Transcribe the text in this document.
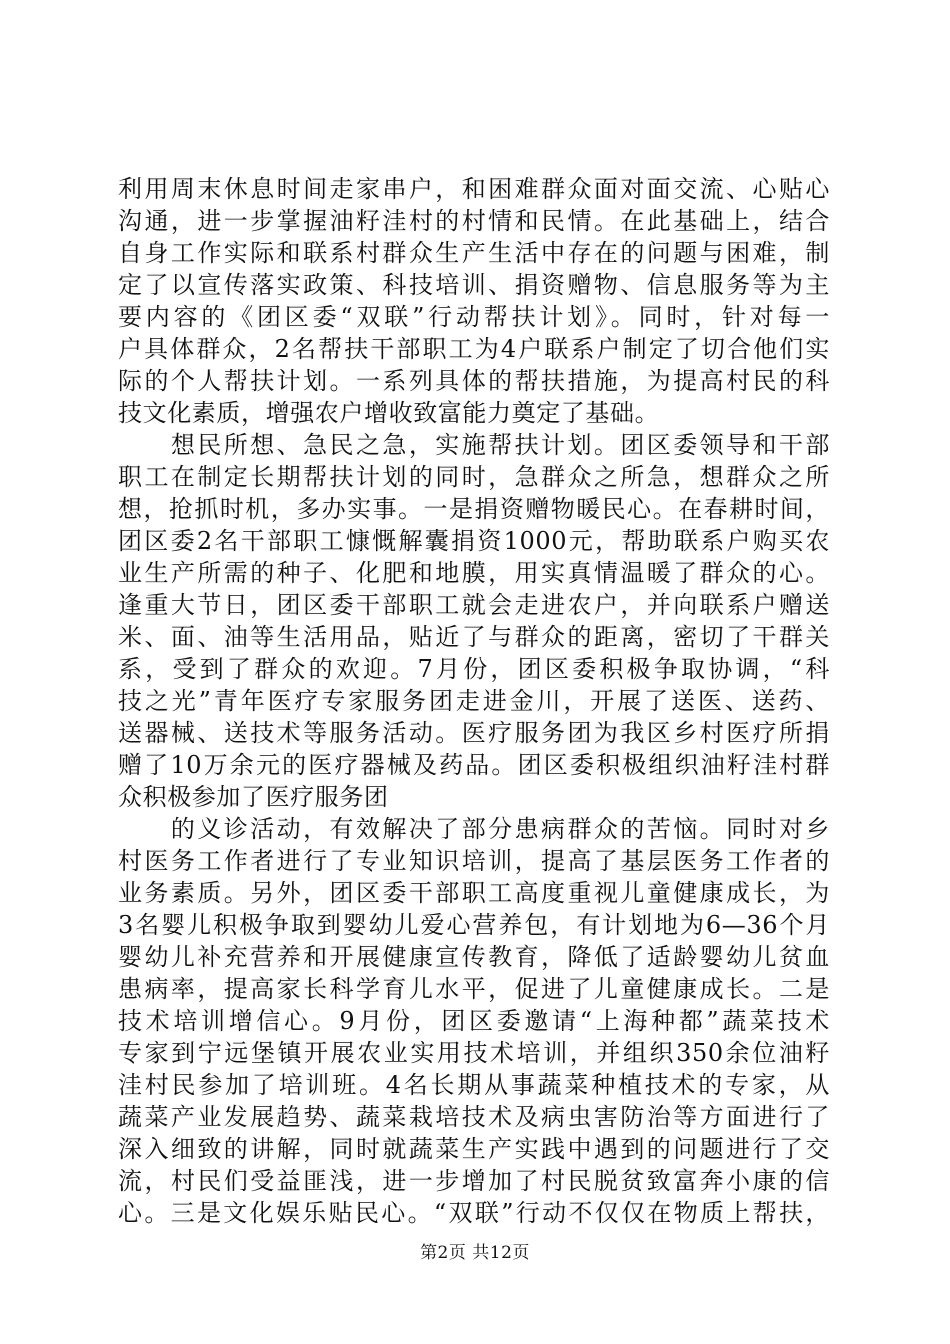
利用周末休息时间走家串户，和困难群众面对面交流、心贴心
沟通，进一步掌握油籽洼村的村情和民情。在此基础上，结合
自身工作实际和联系村群众生产生活中存在的问题与困难，制
定了以宣传落实政策、科技培训、捐资赠物、信息服务等为主
要内容的《团区委“双联”行动帮扶计划》。同时，针对每一
户具体群众，2名帮扶干部职工为4户联系户制定了切合他们实
际的个人帮扶计划。一系列具体的帮扶措施，为提高村民的科
技文化素质，增强农户增收致富能力奠定了基础。
　　想民所想、急民之急，实施帮扶计划。团区委领导和干部
职工在制定长期帮扶计划的同时，急群众之所急，想群众之所
想，抢抓时机，多办实事。一是捐资赠物暖民心。在春耕时间，
团区委2名干部职工慷慨解囊捐资1000元，帮助联系户购买农
业生产所需的种子、化肥和地膜，用实真情温暖了群众的心。
逢重大节日，团区委干部职工就会走进农户，并向联系户赠送
米、面、油等生活用品，贴近了与群众的距离，密切了干群关
系，受到了群众的欢迎。7月份，团区委积极争取协调，“科
技之光”青年医疗专家服务团走进金川，开展了送医、送药、
送器械、送技术等服务活动。医疗服务团为我区乡村医疗所捐
赠了10万余元的医疗器械及药品。团区委积极组织油籽洼村群
众积极参加了医疗服务团
　　的义诊活动，有效解决了部分患病群众的苦恼。同时对乡
村医务工作者进行了专业知识培训，提高了基层医务工作者的
业务素质。另外，团区委干部职工高度重视儿童健康成长，为
3名婴儿积极争取到婴幼儿爱心营养包，有计划地为6—36个月
婴幼儿补充营养和开展健康宣传教育，降低了适龄婴幼儿贫血
患病率，提高家长科学育儿水平，促进了儿童健康成长。二是
技术培训增信心。9月份，团区委邀请“上海种都”蔬菜技术
专家到宁远堡镇开展农业实用技术培训，并组织350余位油籽
洼村民参加了培训班。4名长期从事蔬菜种植技术的专家，从
蔬菜产业发展趋势、蔬菜栽培技术及病虫害防治等方面进行了
深入细致的讲解，同时就蔬菜生产实践中遇到的问题进行了交
流，村民们受益匪浅，进一步增加了村民脱贫致富奔小康的信
心。三是文化娱乐贴民心。“双联”行动不仅仅在物质上帮扶，
第2页 共12页
